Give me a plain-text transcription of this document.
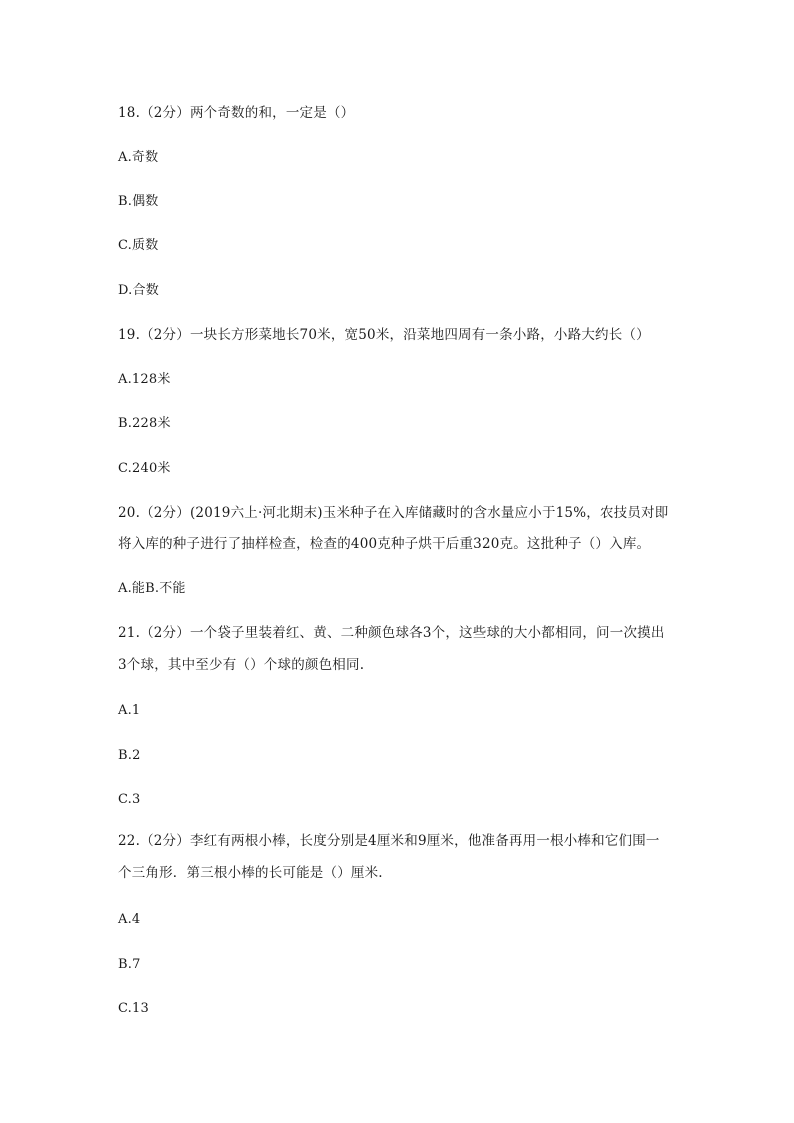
18.（2分）两个奇数的和，一定是（）
A.奇数
B.偶数
C.质数
D.合数
19.（2分）一块长方形菜地长70米，宽50米，沿菜地四周有一条小路，小路大约长（）
A.128米
B.228米
C.240米
20.（2分）(2019六上·河北期末)玉米种子在入库储藏时的含水量应小于15%，农技员对即
将入库的种子进行了抽样检查，检查的400克种子烘干后重320克。这批种子（）入库。
A.能B.不能
21.（2分）一个袋子里装着红、黄、二种颜色球各3个，这些球的大小都相同，问一次摸出
3个球，其中至少有（）个球的颜色相同.
A.1
B.2
C.3
22.（2分）李红有两根小棒，长度分别是4厘米和9厘米，他准备再用一根小棒和它们围一
个三角形．第三根小棒的长可能是（）厘米.
A.4
B.7
C.13
